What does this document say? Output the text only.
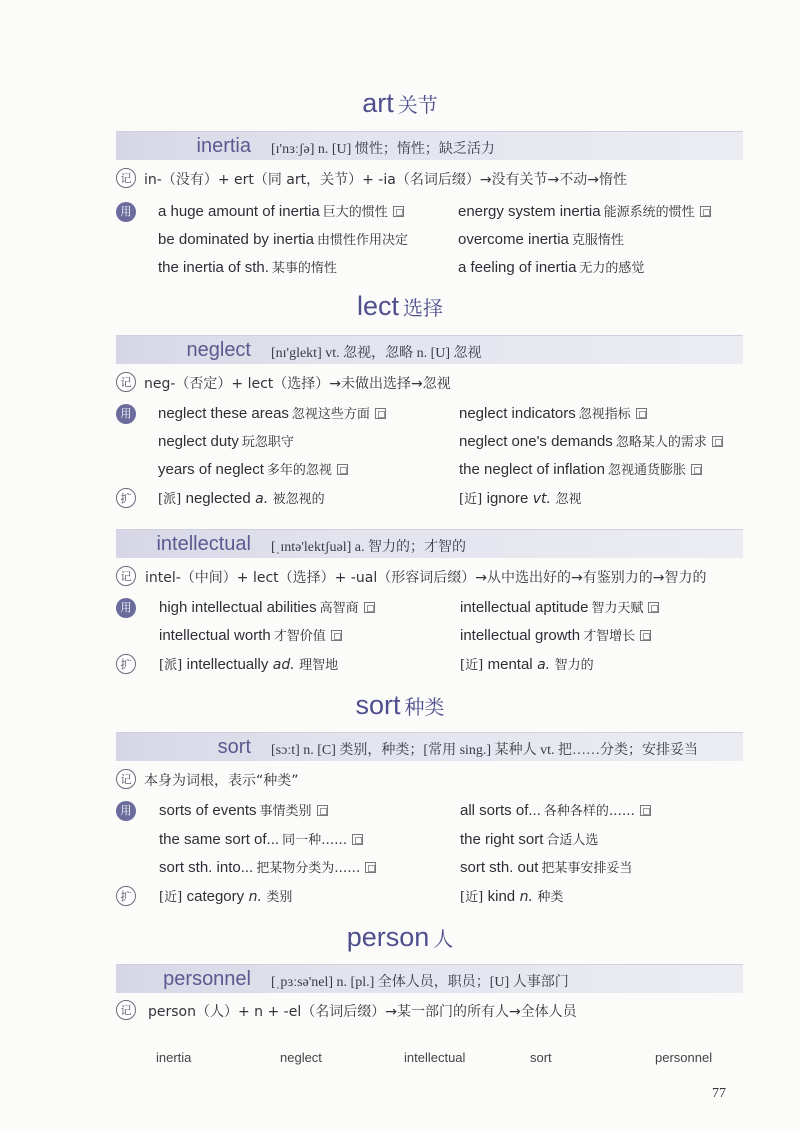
art 关节
inertia [ɪ'nɜːʃə] n. [U] 惯性；惰性；缺乏活力
记 in-（没有）+ ert（同 art，关节）+ -ia（名词后缀）→没有关节→不动→惰性
用	a huge amount of inertia 巨大的惯性	energy system inertia 能源系统的惯性
be dominated by inertia 由惯性作用决定	overcome inertia 克服惰性
the inertia of sth. 某事的惰性	a feeling of inertia 无力的感觉
lect 选择
neglect [nɪ'glekt] vt. 忽视，忽略 n. [U] 忽视
记 neg-（否定）+ lect（选择）→未做出选择→忽视
用	neglect these areas 忽视这些方面	neglect indicators 忽视指标
neglect duty 玩忽职守	neglect one's demands 忽略某人的需求
years of neglect 多年的忽视	the neglect of inflation 忽视通货膨胀
扩	[派] neglected a. 被忽视的	[近] ignore vt. 忽视
intellectual [ˌɪntə'lektʃuəl] a. 智力的；才智的
记 intel-（中间）+ lect（选择）+ -ual（形容词后缀）→从中选出好的→有鉴别力的→智力的
用	high intellectual abilities 高智商	intellectual aptitude 智力天赋
intellectual worth 才智价值	intellectual growth 才智增长
扩	[派] intellectually ad. 理智地	[近] mental a. 智力的
sort 种类
sort [sɔːt] n. [C] 类别，种类；[常用 sing.] 某种人 vt. 把……分类；安排妥当
记 本身为词根，表示“种类”
用	sorts of events 事情类别	all sorts of... 各种各样的……
the same sort of... 同一种……	the right sort 合适人选
sort sth. into... 把某物分类为……	sort sth. out 把某事安排妥当
扩	[近] category n. 类别	[近] kind n. 种类
person 人
personnel [ˌpɜːsə'nel] n. [pl.] 全体人员，职员；[U] 人事部门
记	person（人）+ n + -el（名词后缀）→某一部门的所有人→全体人员
inertia	neglect	intellectual	sort	personnel
77
